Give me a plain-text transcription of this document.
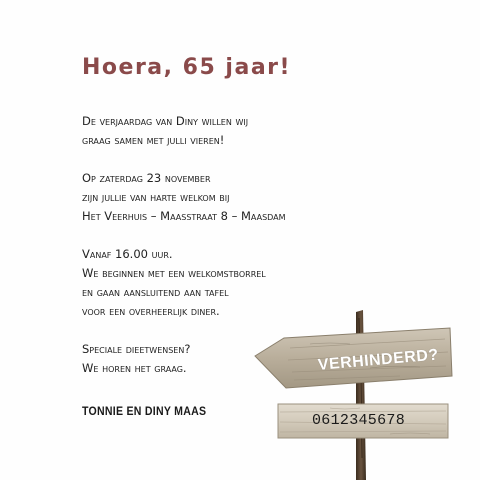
Hoera, 65 jaar!
De verjaardag van Diny willen wij
graag samen met julli vieren!
Op zaterdag 23 november
zijn jullie van harte welkom bij
Het Veerhuis – Maasstraat 8 – Maasdam
Vanaf 16.00 uur.
We beginnen met een welkomstborrel
en gaan aansluitend aan tafel
voor een overheerlijk diner.
Speciale dieetwensen?
We horen het graag.
TONNIE EN DINY MAAS
VERHINDERD?
0612345678
